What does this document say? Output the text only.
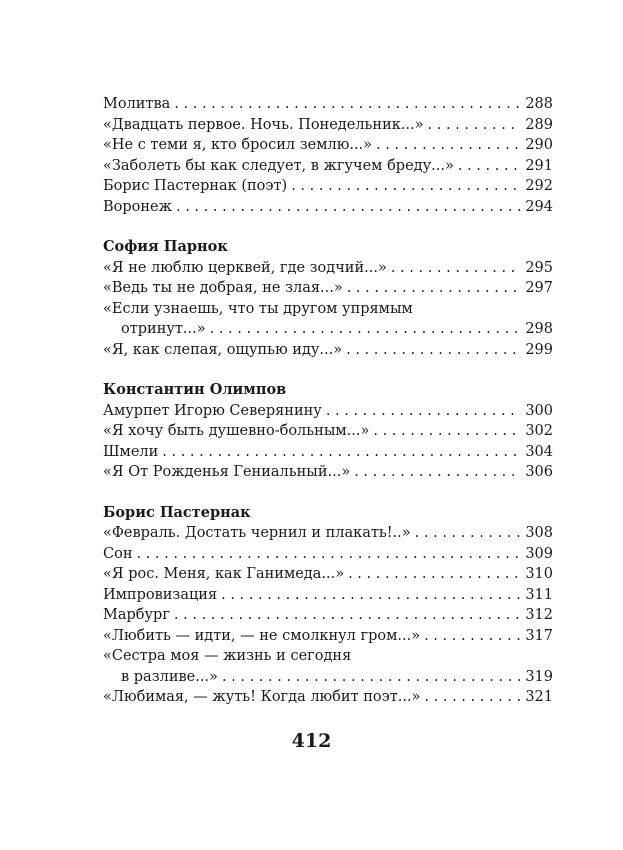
Молитва . . .	288
«Двадцать первое. Ночь. Понедельник...» . . .	289
«Не с теми я, кто бросил землю...» . . .	290
«Заболеть бы как следует, в жгучем бреду...» . . .	291
Борис Пастернак (поэт) . . .	292
Воронеж . . .	294
София Парнок
«Я не люблю церквей, где зодчий...» . . .	295
«Ведь ты не добрая, не злая...» . . .	297
«Если узнаешь, что ты другом упрямым
отринут...» . . .	298
«Я, как слепая, ощупью иду...» . . .	299
Константин Олимпов
Амурпет Игорю Северянину . . .	300
«Я хочу быть душевно-больным...» . . .	302
Шмели . . .	304
«Я От Рожденья Гениальный...» . . .	306
Борис Пастернак
«Февраль. Достать чернил и плакать!..» . . .	308
Сон . . .	309
«Я рос. Меня, как Ганимеда...» . . .	310
Импровизация . . .	311
Марбург . . .	312
«Любить — идти, — не смолкнул гром...» . . .	317
«Сестра моя — жизнь и сегодня
в разливе...» . . .	319
«Любимая, — жуть! Когда любит поэт...» . . .	321
412
